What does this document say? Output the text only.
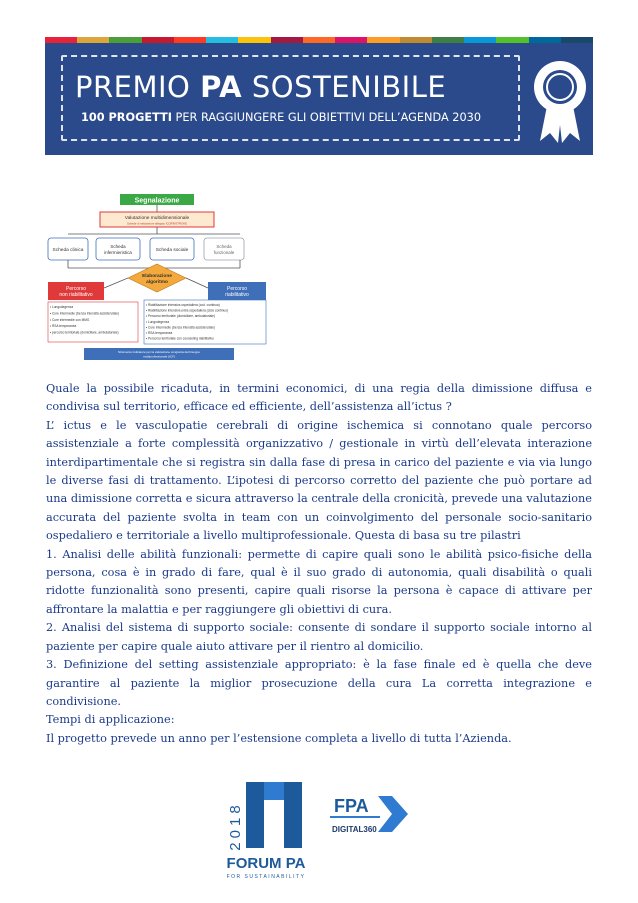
PREMIO PA SOSTENIBILE
100 PROGETTI PER RAGGIUNGERE GLI OBIETTIVI DELL’AGENDA 2030
Segnalazione
Valutazione multidimensionale
Schede di valutazione allegato ICORR/STROKE
Scheda clinica
Scheda
infermieristica	Scheda sociale
Scheda
funzionale
Elaborazione
algoritmo
Percorso
non riabilitativo
Percorso
riabilitativo
• Lungodegenza
• Cure Intermedie (Senza Intensità assistenziale)
• Cure intermedie con MMG
• RSA temporanea
• percorso territoriale (domiciliare, ambulatoriale)
• Riabilitazione intensiva ospedaliera (cod. continua)
• Riabilitazione intensiva extra ospedaliera (ciclo continuo)
• Percorso territoriale (domiciliare, ambulatoriale)
• Lungodegenza
• Cure Intermedie (Senza Intensità assistenziale)
• RSA temporanea
• Percorso territoriale con counseling riabilitativo
Strumento indicatore per la valutazione congiunta del bisogno
multiprofessionale (ICF)

Quale la possibile ricaduta, in termini economici, di una regia della dimissione diffusa e condivisa sul territorio, efficace ed efficiente, dell’assistenza all’ictus ?

L’ ictus e le vasculopatie cerebrali di origine ischemica si connotano quale percorso assistenziale a forte complessità organizzativo / gestionale in virtù dell’elevata interazione interdipartimentale che si registra sin dalla fase di presa in carico del paziente e via via lungo le diverse fasi di trattamento. L’ipotesi di percorso corretto del paziente che può portare ad una dimissione corretta e sicura attraverso la centrale della cronicità, prevede una valutazione accurata del paziente svolta in team con un coinvolgimento del personale socio-sanitario ospedaliero e territoriale a livello multiprofessionale. Questa di basa su tre pilastri

1. Analisi delle abilità funzionali: permette di capire quali sono le abilità psico-fisiche della persona, cosa è in grado di fare, qual è il suo grado di autonomia, quali disabilità o quali ridotte funzionalità sono presenti, capire quali risorse la persona è capace di attivare per affrontare la malattia e per raggiungere gli obiettivi di cura.

2. Analisi del sistema di supporto sociale: consente di sondare il supporto sociale intorno al paziente per capire quale aiuto attivare per il rientro al domicilio.

3. Definizione del setting assistenziale appropriato: è la fase finale ed è quella che deve garantire al paziente la miglior prosecuzione della cura La corretta integrazione e condivisione.

Tempi di applicazione:

Il progetto prevede un anno per l’estensione completa a livello di tutta l’Azienda.

2018
FORUM PA
FOR SUSTAINABILITY
FPA
DIGITAL360
